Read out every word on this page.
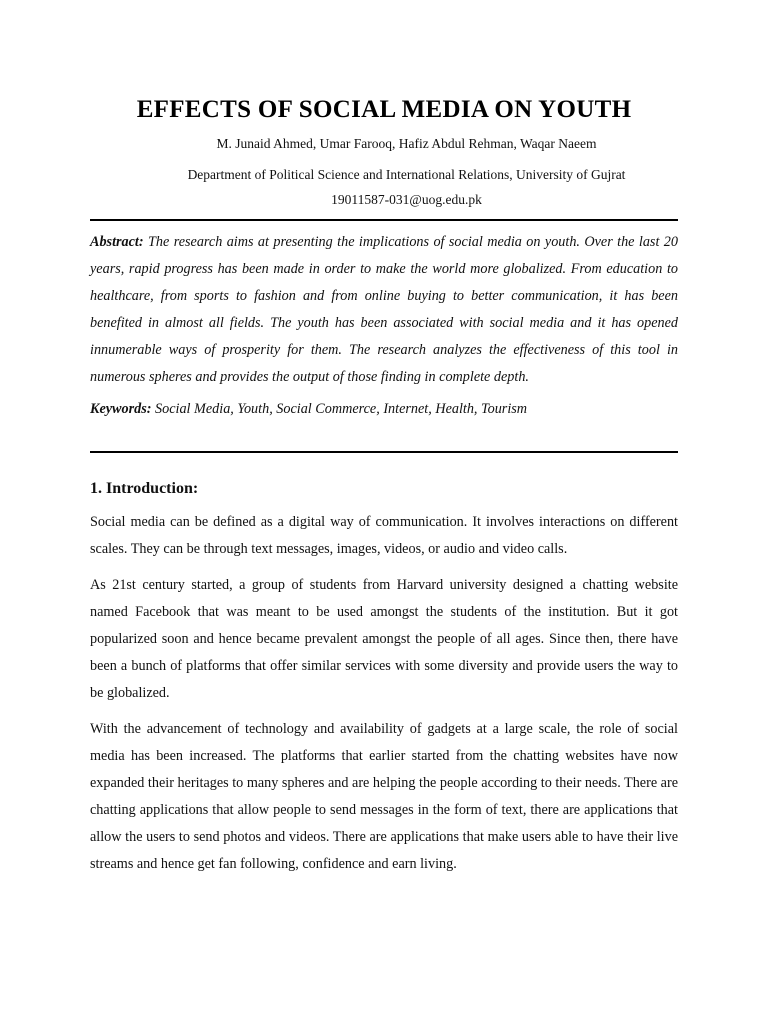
EFFECTS OF SOCIAL MEDIA ON YOUTH
M. Junaid Ahmed, Umar Farooq, Hafiz Abdul Rehman, Waqar Naeem
Department of Political Science and International Relations, University of Gujrat
19011587-031@uog.edu.pk
Abstract: The research aims at presenting the implications of social media on youth. Over the last 20 years, rapid progress has been made in order to make the world more globalized. From education to healthcare, from sports to fashion and from online buying to better communication, it has been benefited in almost all fields. The youth has been associated with social media and it has opened innumerable ways of prosperity for them. The research analyzes the effectiveness of this tool in numerous spheres and provides the output of those finding in complete depth.
Keywords: Social Media, Youth, Social Commerce, Internet, Health, Tourism
1. Introduction:

Social media can be defined as a digital way of communication. It involves interactions on different scales. They can be through text messages, images, videos, or audio and video calls.

As 21st century started, a group of students from Harvard university designed a chatting website named Facebook that was meant to be used amongst the students of the institution. But it got popularized soon and hence became prevalent amongst the people of all ages. Since then, there have been a bunch of platforms that offer similar services with some diversity and provide users the way to be globalized.

With the advancement of technology and availability of gadgets at a large scale, the role of social media has been increased. The platforms that earlier started from the chatting websites have now expanded their heritages to many spheres and are helping the people according to their needs. There are chatting applications that allow people to send messages in the form of text, there are applications that allow the users to send photos and videos. There are applications that make users able to have their live streams and hence get fan following, confidence and earn living.
